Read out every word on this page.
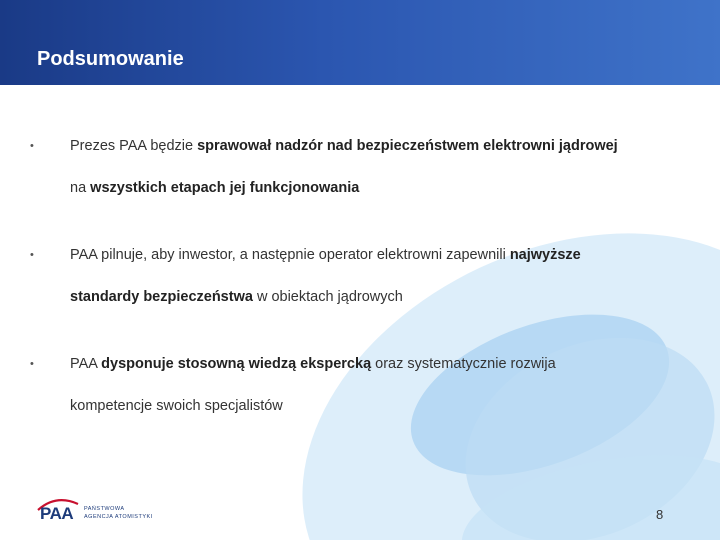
Podsumowanie
•	Prezes PAA będzie sprawował nadzór nad bezpieczeństwem elektrowni jądrowej
na wszystkich etapach jej funkcjonowania
•	PAA pilnuje, aby inwestor, a następnie operator elektrowni zapewnili najwyższe
standardy bezpieczeństwa w obiektach jądrowych
•	PAA dysponuje stosowną wiedzą ekspercką oraz systematycznie rozwija
kompetencje swoich specjalistów
PAA PAŃSTWOWA
AGENCJA ATOMISTYKI	8
